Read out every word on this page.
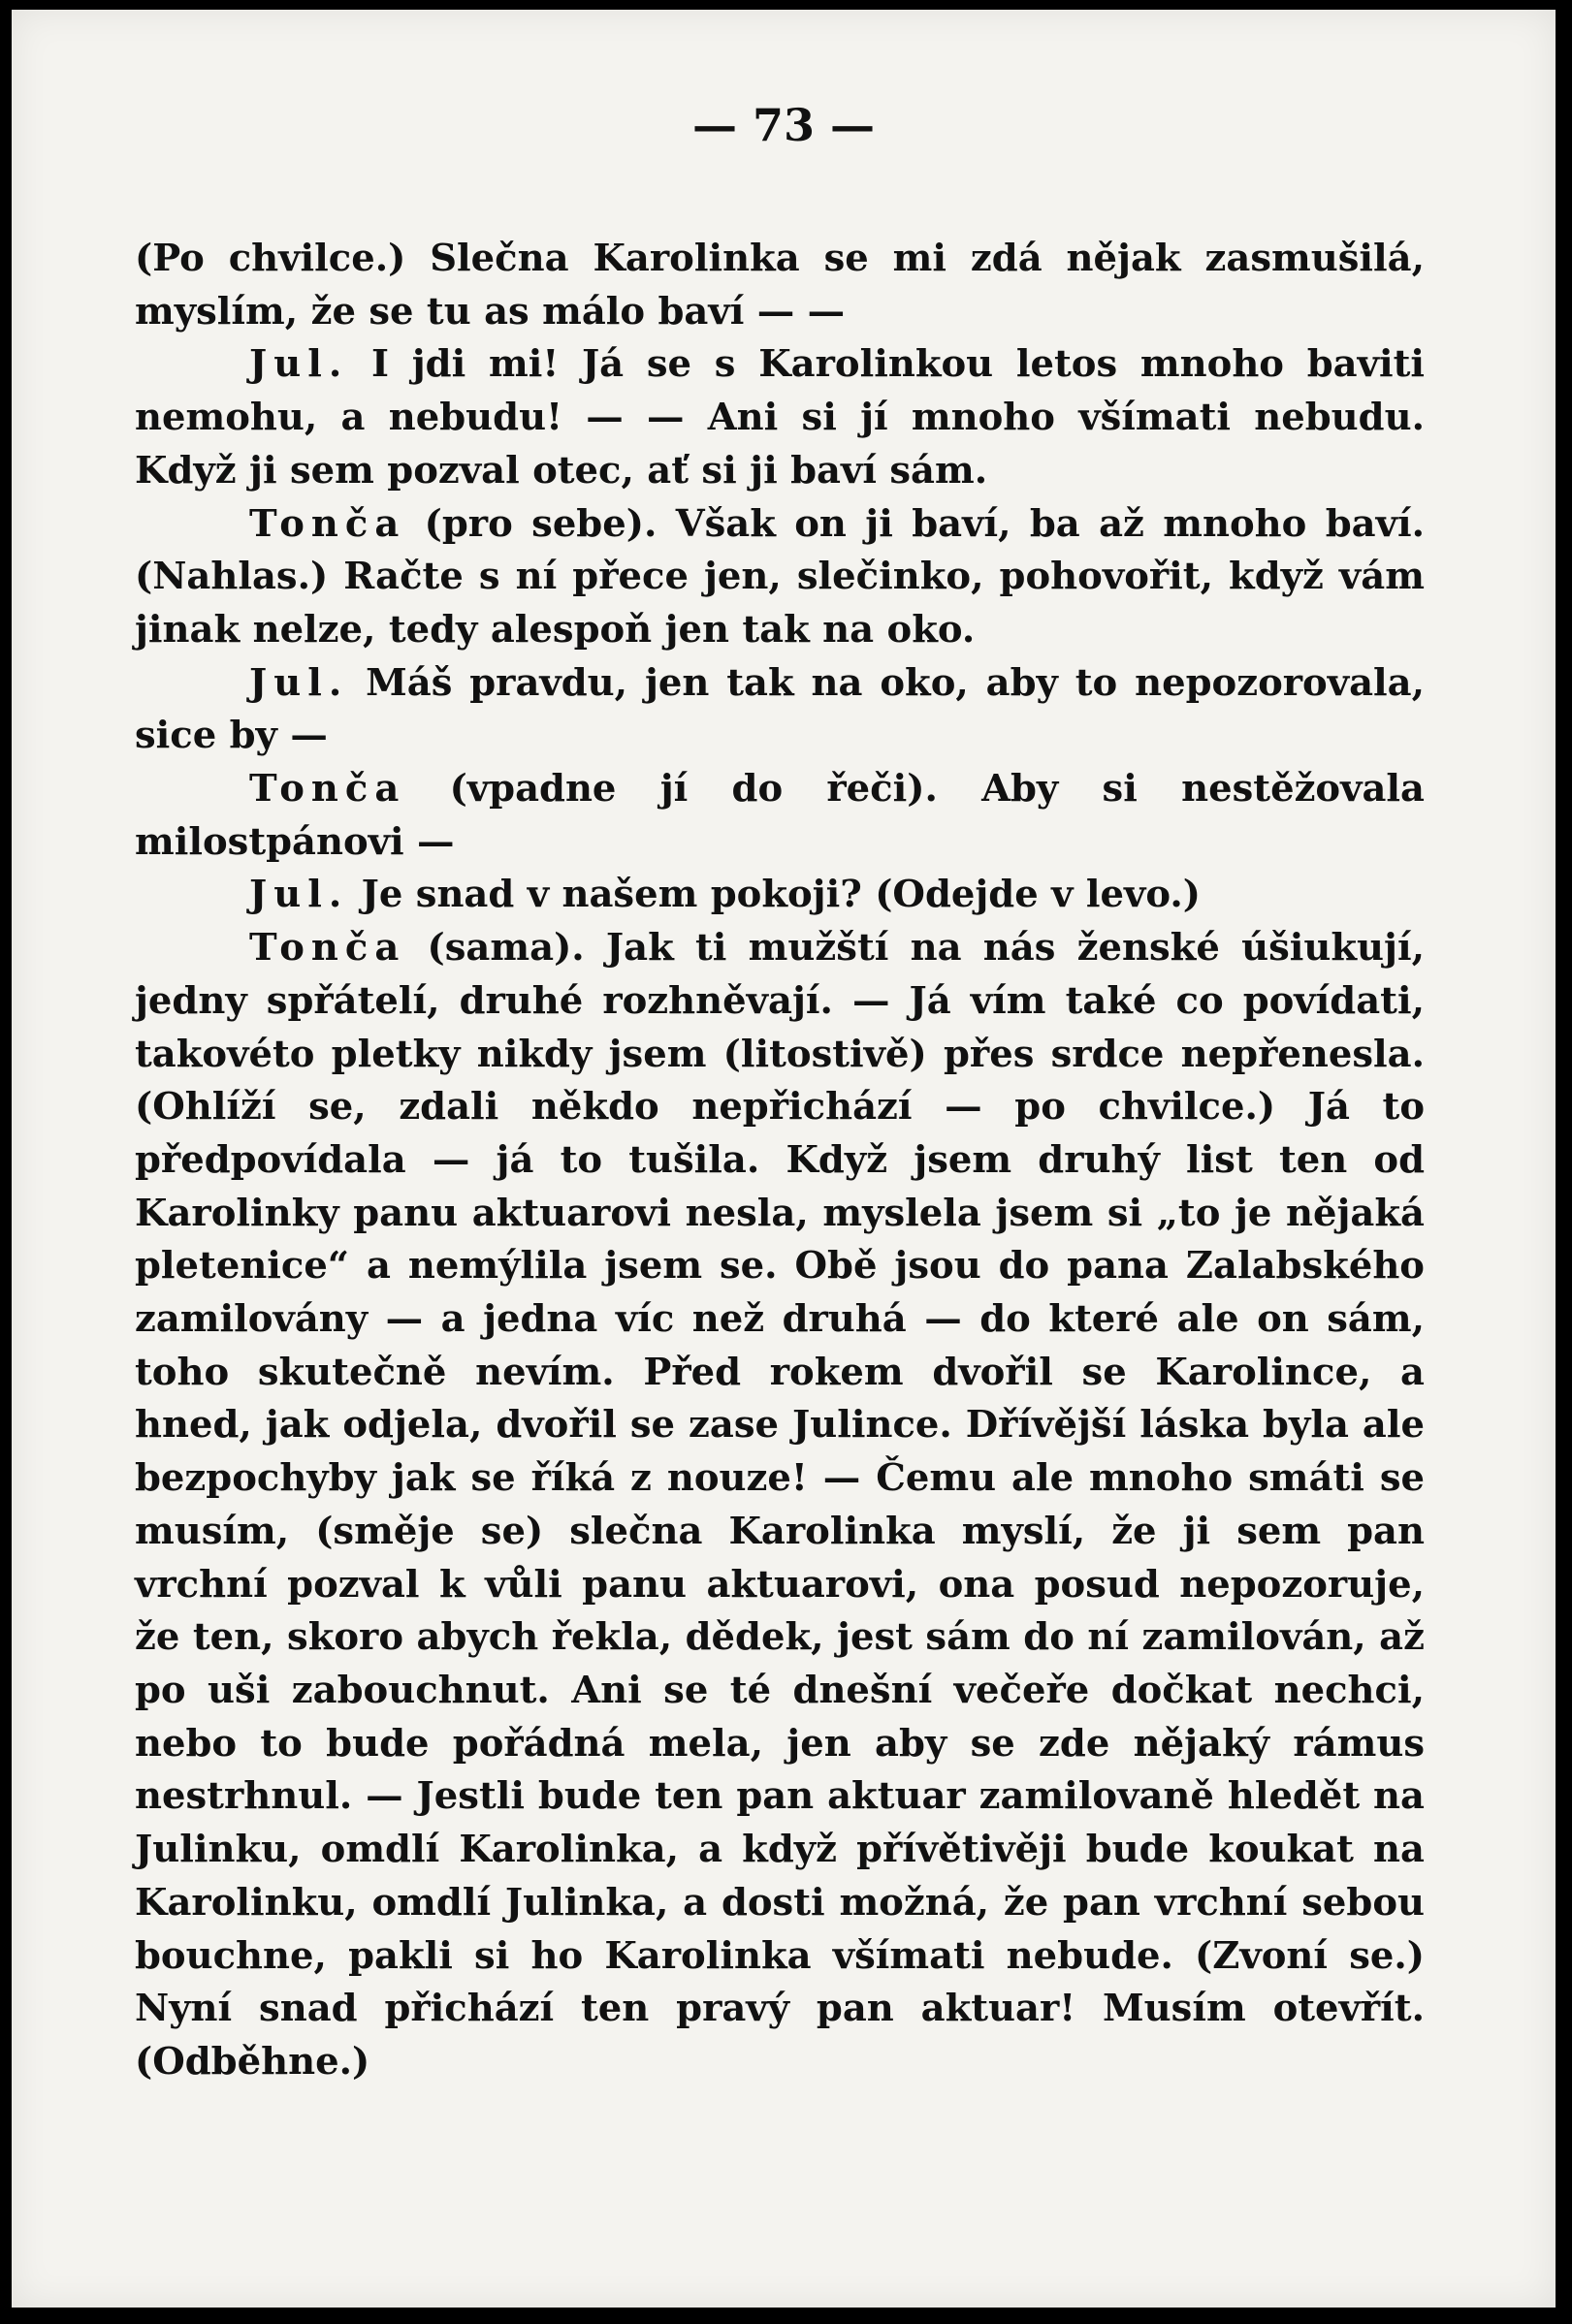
— 73 —

(Po chvilce.) Slečna Karolinka se mi zdá nějak zasmušilá, myslím, že se tu as málo baví — —

Jul. I jdi mi! Já se s Karolinkou letos mnoho baviti nemohu, a nebudu! — — Ani si jí mnoho všímati nebudu. Když ji sem pozval otec, ať si ji baví sám.

Tonča (pro sebe). Však on ji baví, ba až mnoho baví. (Nahlas.) Račte s ní přece jen, slečinko, pohovořit, když vám jinak nelze, tedy alespoň jen tak na oko.

Jul. Máš pravdu, jen tak na oko, aby to nepozorovala, sice by —

Tonča (vpadne jí do řeči). Aby si nestěžovala milostpánovi —

Jul. Je snad v našem pokoji? (Odejde v levo.)

Tonča (sama). Jak ti mužští na nás ženské úšiukují, jedny spřátelí, druhé rozhněvají. — Já vím také co povídati, takovéto pletky nikdy jsem (litostivě) přes srdce nepřenesla. (Ohlíží se, zdali někdo nepřichází — po chvilce.) Já to předpovídala — já to tušila. Když jsem druhý list ten od Karolinky panu aktuarovi nesla, myslela jsem si „to je nějaká pletenice“ a nemýlila jsem se. Obě jsou do pana Zalabského zamilovány — a jedna víc než druhá — do které ale on sám, toho skutečně nevím. Před rokem dvořil se Karolince, a hned, jak odjela, dvořil se zase Julince. Dřívější láska byla ale bezpochyby jak se říká z nouze! — Čemu ale mnoho smáti se musím, (směje se) slečna Karolinka myslí, že ji sem pan vrchní pozval k vůli panu aktuarovi, ona posud nepozoruje, že ten, skoro abych řekla, dědek, jest sám do ní zamilován, až po uši zabouchnut. Ani se té dnešní večeře dočkat nechci, nebo to bude pořádná mela, jen aby se zde nějaký rámus nestrhnul. — Jestli bude ten pan aktuar zamilovaně hledět na Julinku, omdlí Karolinka, a když přívětivěji bude koukat na Karolinku, omdlí Julinka, a dosti možná, že pan vrchní sebou bouchne, pakli si ho Karolinka všímati nebude. (Zvoní se.) Nyní snad přichází ten pravý pan aktuar! Musím otevřít. (Odběhne.)
